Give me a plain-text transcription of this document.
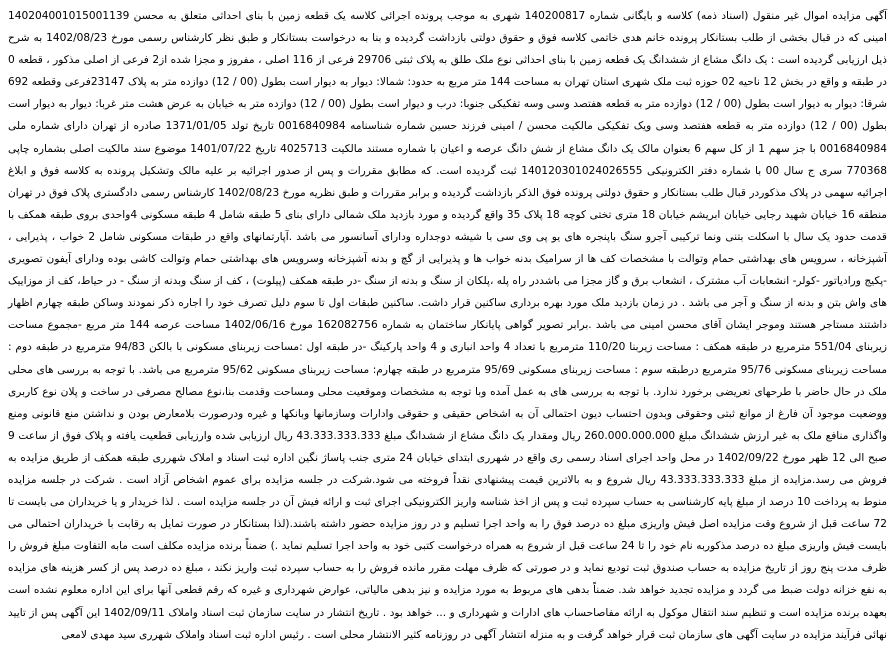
آگهی مزایده اموال غیر منقول (اسناد ذمه) کلاسه 14020400101500113‪9 و بایگانی شماره 140200817 شهری به موجب پرونده اجرائی کلاسه یک قطعه زمین با بنای احداثی متعلق به محسن امینی که در قبال بخشی از طلب بستانکار پرونده خانم هدی خاتمی کلاسه فوق و حقوق دولتی بازداشت گردیده و بنا به درخواست بستانکار و طبق نظر کارشناس رسمی مورخ 1402/08/23 به شرح ذیل ارزیابی گردیده است : یک دانگ مشاع از ششدانگ یک قطعه زمین با بنای احداثی نوع ملک طلق به پلاک ثبتی 29706 فرعی از 116 اصلی ، مفروز و مجزا شده از2 فرعی از اصلی مذکور ، قطعه 0 در طبقه و واقع در بخش 12 ناحیه 02 حوزه ثبت ملک شهری استان تهران به مساحت 144 متر مربع به حدود: شمالا: دیوار به دیوار است بطول (00 / 12) دوازده متر به پلاک 23147فرعی وقطعه 692 شرقا: دیوار به دیوار است بطول (00 / 12) دوازده متر به قطعه هفتصد وسی وسه تفکیکی جنوبا: درب و دیوار است بطول (00 / 12) دوازده متر به خیابان به عرض هشت متر غربا: دیوار به دیوار است بطول (00 / 12) دوازده متر به قطعه هفتصد وسی ویک تفکیکی مالکیت محسن / امینی فرزند حسین شماره شناسنامه 0016840984 تاریخ تولد 1371/01/05 صادره از تهران دارای شماره ملی 0016840984 با جز سهم 1 از کل سهم 6 بعنوان مالک یک دانگ مشاع از شش دانگ عرصه و اعیان با شماره مستند مالکیت 4025713 تاریخ 1401/07/22 موضوع سند مالکیت اصلی بشماره چاپی 770368 سری ج سال 00 با شماره دفتر الکترونیکی 140120301024026555 ثبت گردیده است. که مطابق مقررات و پس از صدور اجرائیه بر علیه مالک وتشکیل پرونده به کلاسه فوق و ابلاغ اجرائیه سهمی در پلاک مذکوردر قبال طلب بستانکار و حقوق دولتی پرونده فوق الذکر بازداشت گردیده و برابر مقررات و طبق نظریه مورخ 1402/08/23 کارشناس رسمی دادگستری پلاک فوق در تهران منطقه 16 خیابان شهید رجایی خیابان ابریشم خیابان 18 متری تختی کوچه 18 پلاک 35 واقع گردیده و مورد بازدید ملک شمالی دارای بنای 5 طبقه شامل 4 طبقه مسکونی 4واحدی بروی طبقه همکف با قدمت حدود یک سال با اسکلت بتنی ونما ترکیبی آجرو سنگ باپنجره های یو پی وی سی با شیشه دوجداره ودارای آسانسور می باشد .آپارتمانهای واقع در طبقات مسکونی شامل 2 خواب ، پذیرایی ، آشپزخانه ، سرویس های بهداشتی حمام وتوالت با مشخصات کف ها از سرامیک بدنه خواب ها و پذیرایی از گچ و بدنه آشپزخانه وسرویس های بهداشتی حمام وتوالت کاشی بوده ودارای آیفون تصویری -پکیج ورادیاتور -کولر- انشعابات آب مشترک ، انشعاب برق و گاز مجزا می باشددر راه پله ،پلکان از سنگ و بدنه از سنگ -در طبقه همکف (پیلوت) ، کف از سنگ وبدنه از سنگ - در حیاط، کف از موزاییک های واش بتن و بدنه از سنگ و آجر می باشد . در زمان بازدید ملک مورد بهره برداری ساکنین قرار داشت. ساکنین طبقات اول تا سوم دلیل تصرف خود را اجاره ذکر نمودند وساکن طبقه چهارم اظهار داشتند مستاجر هستند وموجر ایشان آقای محسن امینی می باشد .برابر تصویر گواهی پایانکار ساختمان به شماره 162082756 مورخ 1402/06/16 مساحت عرصه 144 متر مربع -مجموع مساحت زیربنای 551/04 مترمربع در طبقه همکف : مساحت زیربنا 110/20 مترمربع با تعداد 4 واحد انباری و 4 واحد پارکینگ -در طبقه اول :مساحت زیربنای مسکونی با بالکن 94/83 مترمربع در طبقه دوم : مساحت زیربنای مسکونی 95/76 مترمربع درطبقه سوم : مساحت زیربنای مسکونی 95/69 مترمربع در طبقه چهارم: مساحت زیربنای مسکونی 95/62 مترمربع می باشد. با توجه به بررسی های محلی ملک در حال حاضر با طرحهای تعریضی برخورد ندارد. با توجه به بررسی های به عمل آمده وبا توجه به مشخصات وموقعیت محلی ومساحت وقدمت بنا،نوع مصالح مصرفی در ساخت و پلان نوع کاربری ووضعیت موجود آن فارغ از موانع ثبتی وحقوقی وبدون احتساب دیون احتمالی آن به اشخاص حقیقی و حقوقی وادارات وسازمانها وبانکها و غیره ودرصورت بلامعارض بودن و نداشتن منع قانونی ومنع واگذاری منافع ملک به غیر ارزش ششدانگ مبلغ 260.000.000.000 ریال ومقدار یک دانگ مشاع از ششدانگ مبلغ 43.333.333.333 ریال ارزیابی شده وارزیابی قطعیت یافته و پلاک فوق از ساعت 9 صبح الی 12 ظهر مورخ 1402/09/22 در محل واحد اجرای اسناد رسمی ری واقع در شهرری ابتدای خیابان 24 متری جنب پاساژ نگین اداره ثبت اسناد و املاک شهرری طبقه همکف از طریق مزایده به فروش می رسد.مزایده از مبلغ 43.333.333.333 ریال شروع و به بالاترین قیمت پیشنهادی نقداً فروخته می شود.شرکت در جلسه مزایده برای عموم اشخاص آزاد است . شرکت در جلسه مزایده منوط به پرداخت 10 درصد از مبلغ پایه کارشناسی به حساب سپرده ثبت و پس از اخذ شناسه واریز الکترونیکی اجرای ثبت و ارائه فیش آن در جلسه مزایده است . لذا خریدار و یا خریداران می بایست تا 72 ساعت قبل از شروع وقت مزایده اصل فیش واریزی مبلغ ده درصد فوق را به واحد اجرا تسلیم و در روز مزایده حضور داشته باشند.(لذا بستانکار در صورت تمایل به رقابت با خریداران احتمالی می بایست فیش واریزی مبلغ ده درصد مذکوربه نام خود را تا 24 ساعت قبل از شروع به همراه درخواست کتبی خود به واحد اجرا تسلیم نماید .) ضمناً برنده مزایده مکلف است مابه التفاوت مبلغ فروش را ظرف مدت پنج روز از تاریخ مزایده به حساب صندوق ثبت تودیع نماید و در صورتی که ظرف مهلت مقرر مانده فروش را به حساب سپرده ثبت واریز نکند ، مبلغ ده درصد پس از کسر هزینه های مزایده به نفع خزانه دولت ضبط می گردد و مزایده تجدید خواهد شد. ضمناً بدهی های مربوط به مورد مزایده و نیز بدهی مالیاتی، عوارض شهرداری و غیره که رقم قطعی آنها برای این اداره معلوم نشده است بعهده برنده مزایده است و تنظیم سند انتقال موکول به ارائه مفاصاحساب های ادارات و شهرداری و ... خواهد بود . تاریخ انتشار در سایت سازمان ثبت اسناد واملاک 1402/09/11 این آگهی پس از تایید نهائی فرآیند مزایده در سایت آگهی های سازمان ثبت قرار خواهد گرفت و به منزله انتشار آگهی در روزنامه کثیر الانتشار محلی است . رئیس اداره ثبت اسناد واملاک شهرری سید مهدی لامعی
